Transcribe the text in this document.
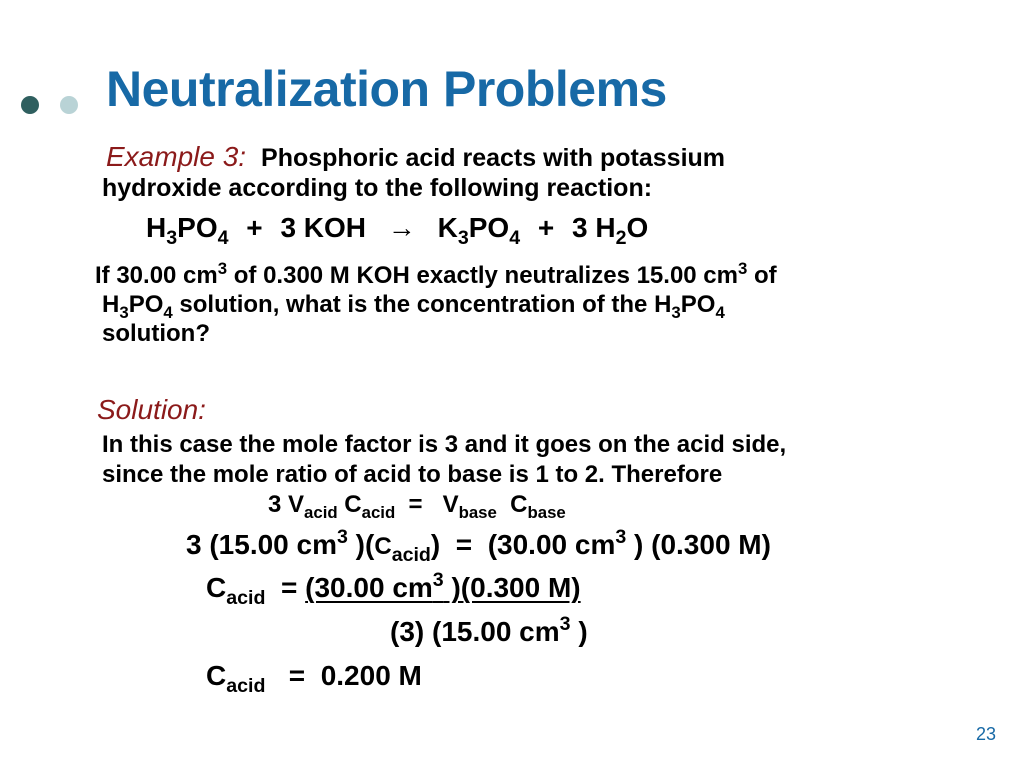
Neutralization Problems
Example 3: Phosphoric acid reacts with potassium
hydroxide according to the following reaction:
$H_3PO_4 + 3$ KOH → $K_3PO_4 + 3$ $H_2O$
If 30.00 $cm^3$ of 0.300 M KOH exactly neutralizes 15.00 $cm^3$ of
$H_3PO_4$ solution, what is the concentration of the $H_3PO_4$
solution?
Solution:
In this case the mole factor is 3 and it goes on the acid side,
since the mole ratio of acid to base is 1 to 2. Therefore
3 $V_{acid}$ $C_{acid} = V_{base}$  $C_{base}$
3 (15.00 $cm^3$ )$(C_{acid}) = (30.00$ $cm^3$ ) (0.300 M)
$C_{acid} = (30.00$ $cm^3$ )(0.300 M)
(3) (15.00 $cm^3$ )
$C_{acid} = 0.200$ M
23
